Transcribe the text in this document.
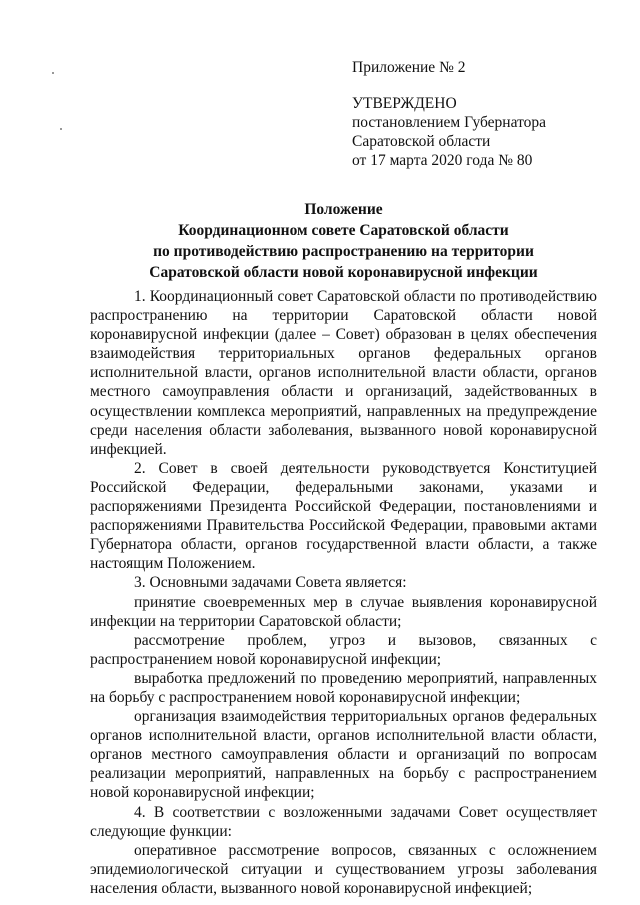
Приложение № 2
УТВЕРЖДЕНО
постановлением Губернатора
Саратовской области
от 17 марта 2020 года № 80
Положение
Координационном совете Саратовской области
по противодействию распространению на территории
Саратовской области новой коронавирусной инфекции

1. Координационный совет Саратовской области по противодействию распространению на территории Саратовской области новой коронавирусной инфекции (далее – Совет) образован в целях обеспечения взаимодействия территориальных органов федеральных органов исполнительной власти, органов исполнительной власти области, органов местного самоуправления области и организаций, задействованных в осуществлении комплекса мероприятий, направленных на предупреждение среди населения области заболевания, вызванного новой коронавирусной инфекцией.

2. Совет в своей деятельности руководствуется Конституцией Российской Федерации, федеральными законами, указами и распоряжениями Президента Российской Федерации, постановлениями и распоряжениями Правительства Российской Федерации, правовыми актами Губернатора области, органов государственной власти области, а также настоящим Положением.

3. Основными задачами Совета является:

принятие своевременных мер в случае выявления коронавирусной инфекции на территории Саратовской области;

рассмотрение проблем, угроз и вызовов, связанных с распространением новой коронавирусной инфекции;

выработка предложений по проведению мероприятий, направленных на борьбу с распространением новой коронавирусной инфекции;

организация взаимодействия территориальных органов федеральных органов исполнительной власти, органов исполнительной власти области, органов местного самоуправления области и организаций по вопросам реализации мероприятий, направленных на борьбу с распространением новой коронавирусной инфекции;

4. В соответствии с возложенными задачами Совет осуществляет следующие функции:

оперативное рассмотрение вопросов, связанных с осложнением эпидемиологической ситуации и существованием угрозы заболевания населения области, вызванного новой коронавирусной инфекцией;
